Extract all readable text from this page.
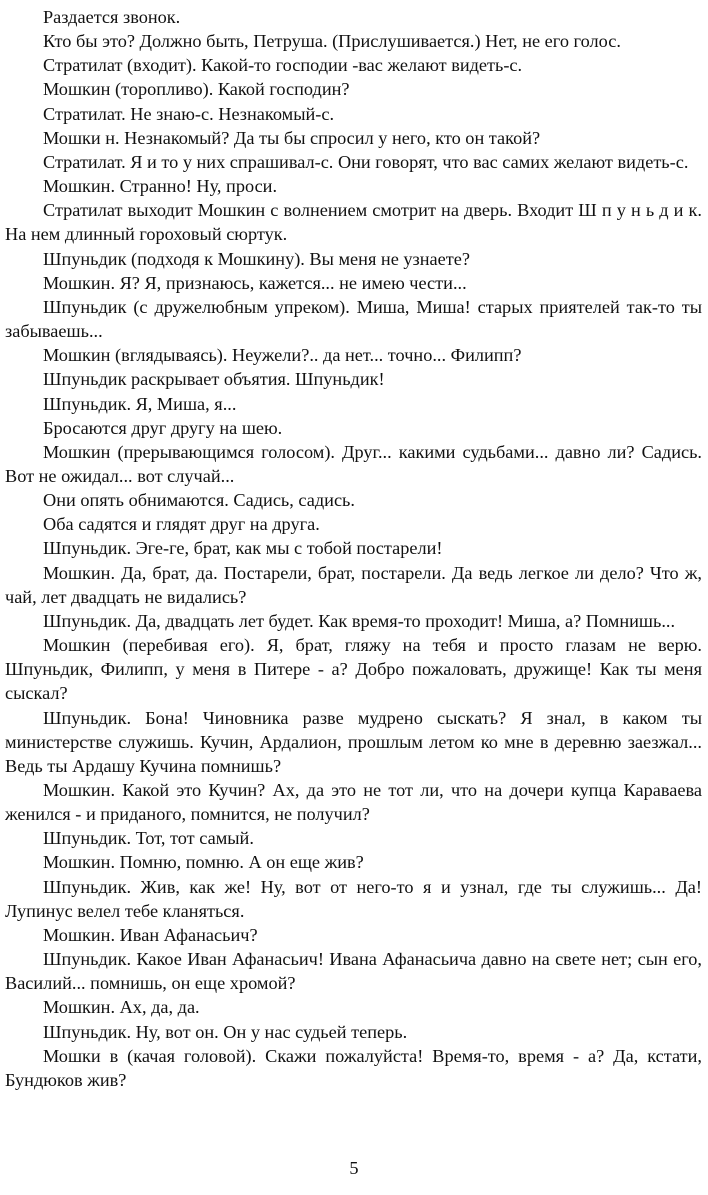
Раздается звонок.

Кто бы это? Должно быть, Петруша. (Прислушивается.) Нет, не его голос.

Стратилат (входит). Какой-то господии -вас желают видеть-с.

Мошкин (торопливо). Какой господин?

Стратилат. Не знаю-с. Незнакомый-с.

Мошки н. Незнакомый? Да ты бы спросил у него, кто он такой?

Стратилат. Я и то у них спрашивал-с. Они говорят, что вас самих желают видеть-с.

Мошкин. Странно! Ну, проси.

Стратилат выходит Мошкин с волнением смотрит на дверь. Входит Ш п у н ь д и к. На нем длинный гороховый сюртук.

Шпуньдик (подходя к Мошкину). Вы меня не узнаете?

Мошкин. Я? Я, признаюсь, кажется... не имею чести...

Шпуньдик (с дружелюбным упреком). Миша, Миша! старых приятелей так-то ты забываешь...

Мошкин (вглядываясь). Неужели?.. да нет... точно... Филипп?

Шпуньдик раскрывает объятия. Шпуньдик!

Шпуньдик. Я, Миша, я...

Бросаются друг другу на шею.

Мошкин (прерывающимся голосом). Друг... какими судьбами... давно ли? Садись. Вот не ожидал... вот случай...

Они опять обнимаются. Садись, садись.

Оба садятся и глядят друг на друга.

Шпуньдик. Эге-ге, брат, как мы с тобой постарели!

Мошкин. Да, брат, да. Постарели, брат, постарели. Да ведь легкое ли дело? Что ж, чай, лет двадцать не видались?

Шпуньдик. Да, двадцать лет будет. Как время-то проходит! Миша, а? Помнишь...

Мошкин (перебивая его). Я, брат, гляжу на тебя и просто глазам не верю. Шпуньдик, Филипп, у меня в Питере - а? Добро пожаловать, дружище! Как ты меня сыскал?

Шпуньдик. Бона! Чиновника разве мудрено сыскать? Я знал, в каком ты министерстве служишь. Кучин, Ардалион, прошлым летом ко мне в деревню заезжал... Ведь ты Ардашу Кучина помнишь?

Мошкин. Какой это Кучин? Ах, да это не тот ли, что на дочери купца Караваева женился - и приданого, помнится, не получил?

Шпуньдик. Тот, тот самый.

Мошкин. Помню, помню. А он еще жив?

Шпуньдик. Жив, как же! Ну, вот от него-то я и узнал, где ты служишь... Да! Лупинус велел тебе кланяться.

Мошкин. Иван Афанасьич?

Шпуньдик. Какое Иван Афанасьич! Ивана Афанасьича давно на свете нет; сын его, Василий... помнишь, он еще хромой?

Мошкин. Ах, да, да.

Шпуньдик. Ну, вот он. Он у нас судьей теперь.

Мошки в (качая головой). Скажи пожалуйста! Время-то, время - а? Да, кстати, Бундюков жив?

5
